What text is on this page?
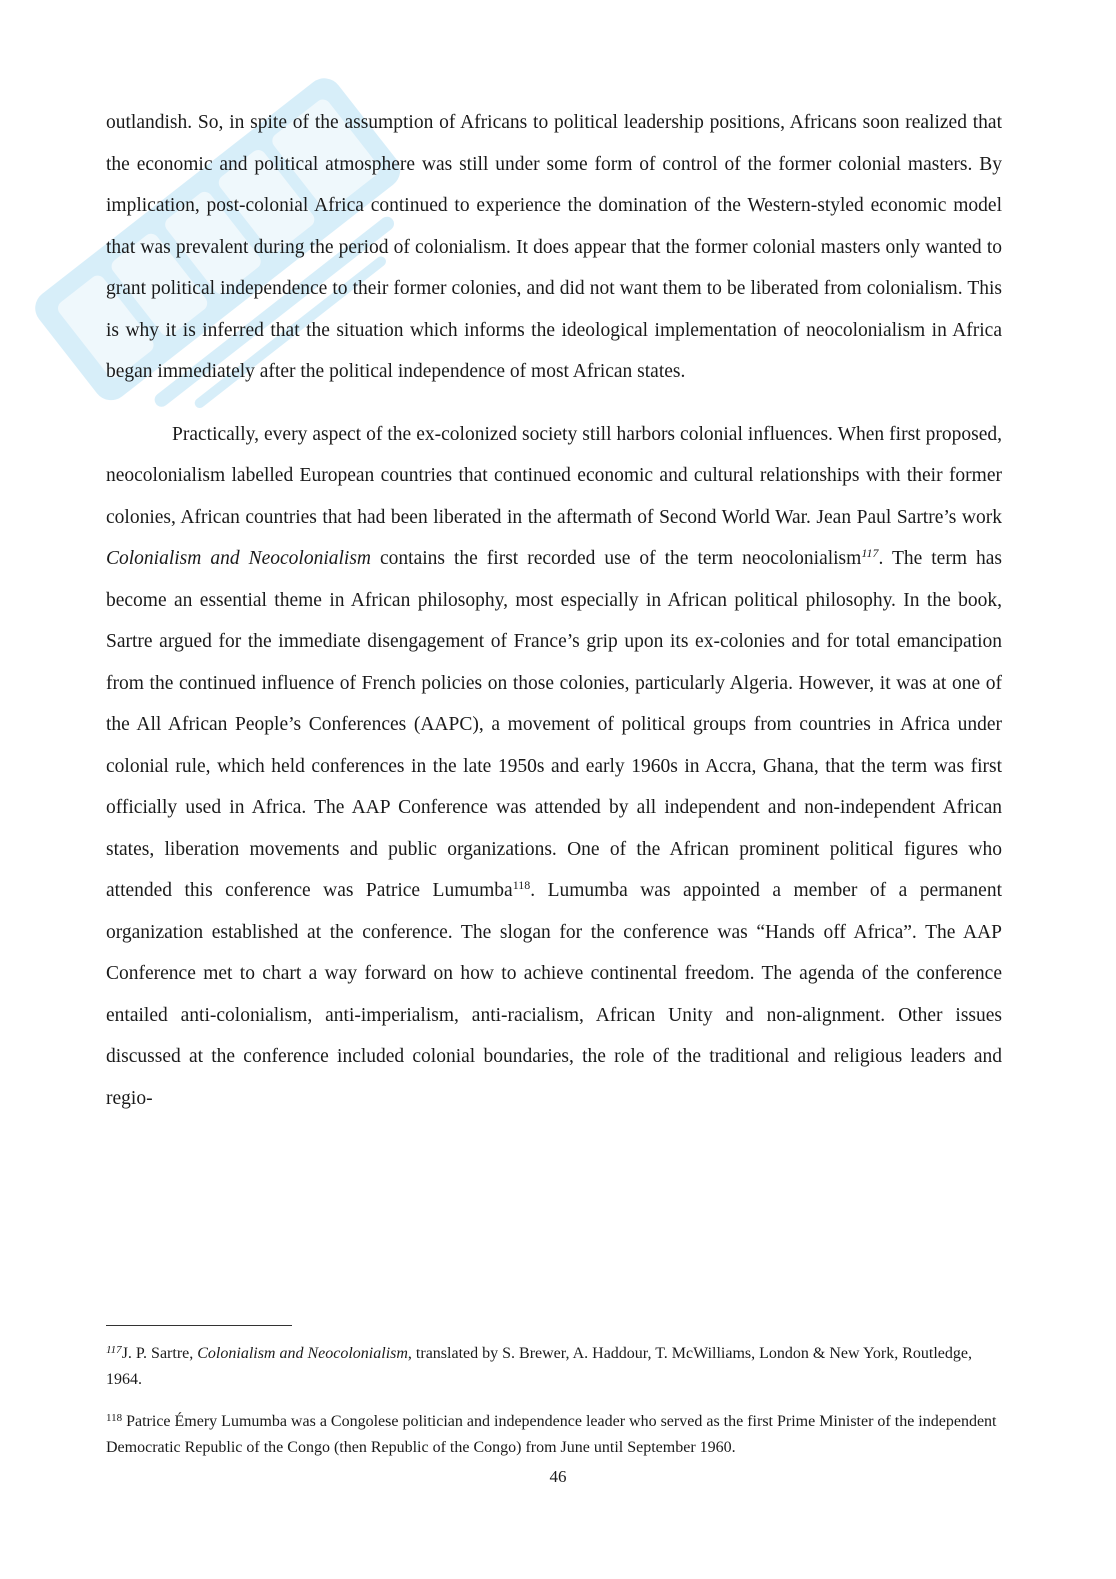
outlandish. So, in spite of the assumption of Africans to political leadership positions, Africans soon realized that the economic and political atmosphere was still under some form of control of the former colonial masters. By implication, post-colonial Africa continued to experience the domination of the Western-styled economic model that was prevalent during the period of colonialism. It does appear that the former colonial masters only wanted to grant political independence to their former colonies, and did not want them to be liberated from colonialism. This is why it is inferred that the situation which informs the ideological implementation of neocolonialism in Africa began immediately after the political independence of most African states.

Practically, every aspect of the ex-colonized society still harbors colonial influences. When first proposed, neocolonialism labelled European countries that continued economic and cultural relationships with their former colonies, African countries that had been liberated in the aftermath of Second World War. Jean Paul Sartre’s work Colonialism and Neocolonialism contains the first recorded use of the term neocolonialism$^{117}$. The term has become an essential theme in African philosophy, most especially in African political philosophy. In the book, Sartre argued for the immediate disengagement of France’s grip upon its ex-colonies and for total emancipation from the continued influence of French policies on those colonies, particularly Algeria. However, it was at one of the All African People’s Conferences (AAPC), a movement of political groups from countries in Africa under colonial rule, which held conferences in the late 1950s and early 1960s in Accra, Ghana, that the term was first officially used in Africa. The AAP Conference was attended by all independent and non-independent African states, liberation movements and public organizations. One of the African prominent political figures who attended this conference was Patrice Lumumba$^{118}$. Lumumba was appointed a member of a permanent organization established at the conference. The slogan for the conference was “Hands off Africa”. The AAP Conference met to chart a way forward on how to achieve continental freedom. The agenda of the conference entailed anti-colonialism, anti-imperialism, anti-racialism, African Unity and non-alignment. Other issues discussed at the conference included colonial boundaries, the role of the traditional and religious leaders and regio-

$^{117}$J. P. Sartre, Colonialism and Neocolonialism, translated by S. Brewer, A. Haddour, T. McWilliams, London & New York, Routledge, 1964.

$^{118}$ Patrice Émery Lumumba was a Congolese politician and independence leader who served as the first Prime Minister of the independent Democratic Republic of the Congo (then Republic of the Congo) from June until September 1960.

46
